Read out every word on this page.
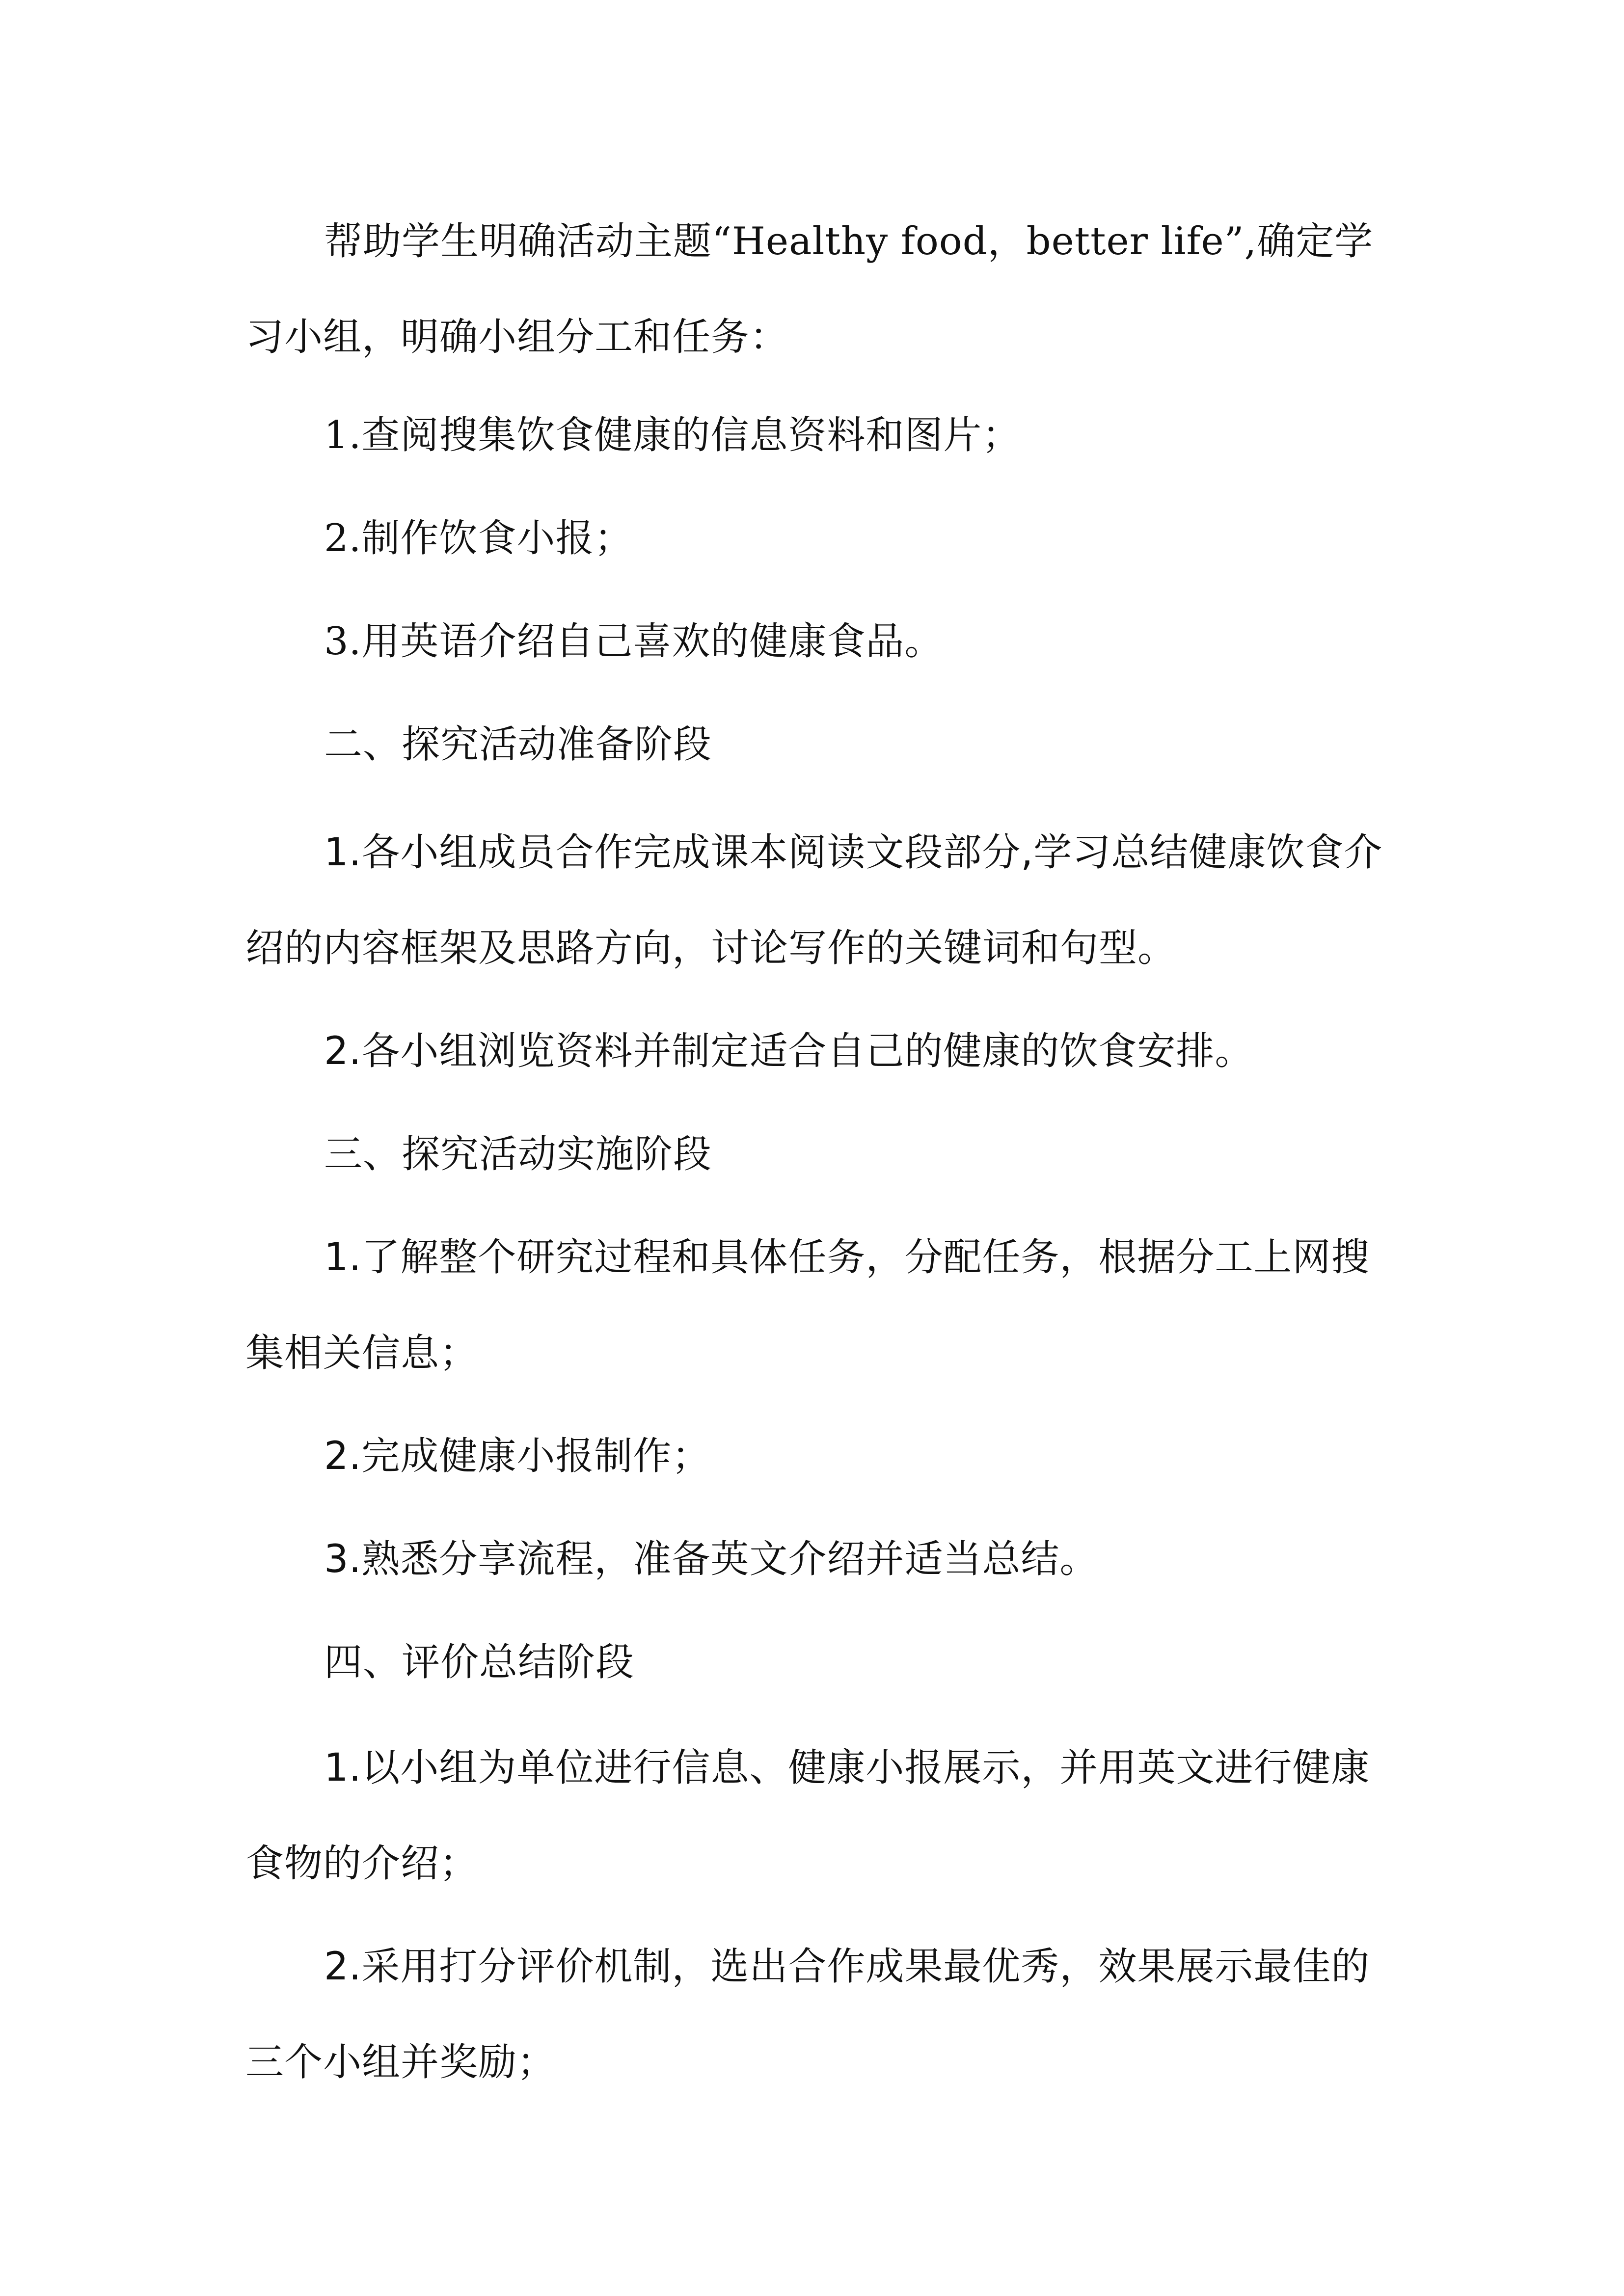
帮助学生明确活动主题“Healthy food，better life”,确定学习小组，明确小组分工和任务：

1.查阅搜集饮食健康的信息资料和图片；

2.制作饮食小报；

3.用英语介绍自己喜欢的健康食品。

二、探究活动准备阶段

1.各小组成员合作完成课本阅读文段部分,学习总结健康饮食介绍的内容框架及思路方向，讨论写作的关键词和句型。

2.各小组浏览资料并制定适合自己的健康的饮食安排。

三、探究活动实施阶段

1.了解整个研究过程和具体任务，分配任务，根据分工上网搜集相关信息；

2.完成健康小报制作；

3.熟悉分享流程，准备英文介绍并适当总结。

四、评价总结阶段

1.以小组为单位进行信息、健康小报展示，并用英文进行健康食物的介绍；

2.采用打分评价机制，选出合作成果最优秀，效果展示最佳的三个小组并奖励；
